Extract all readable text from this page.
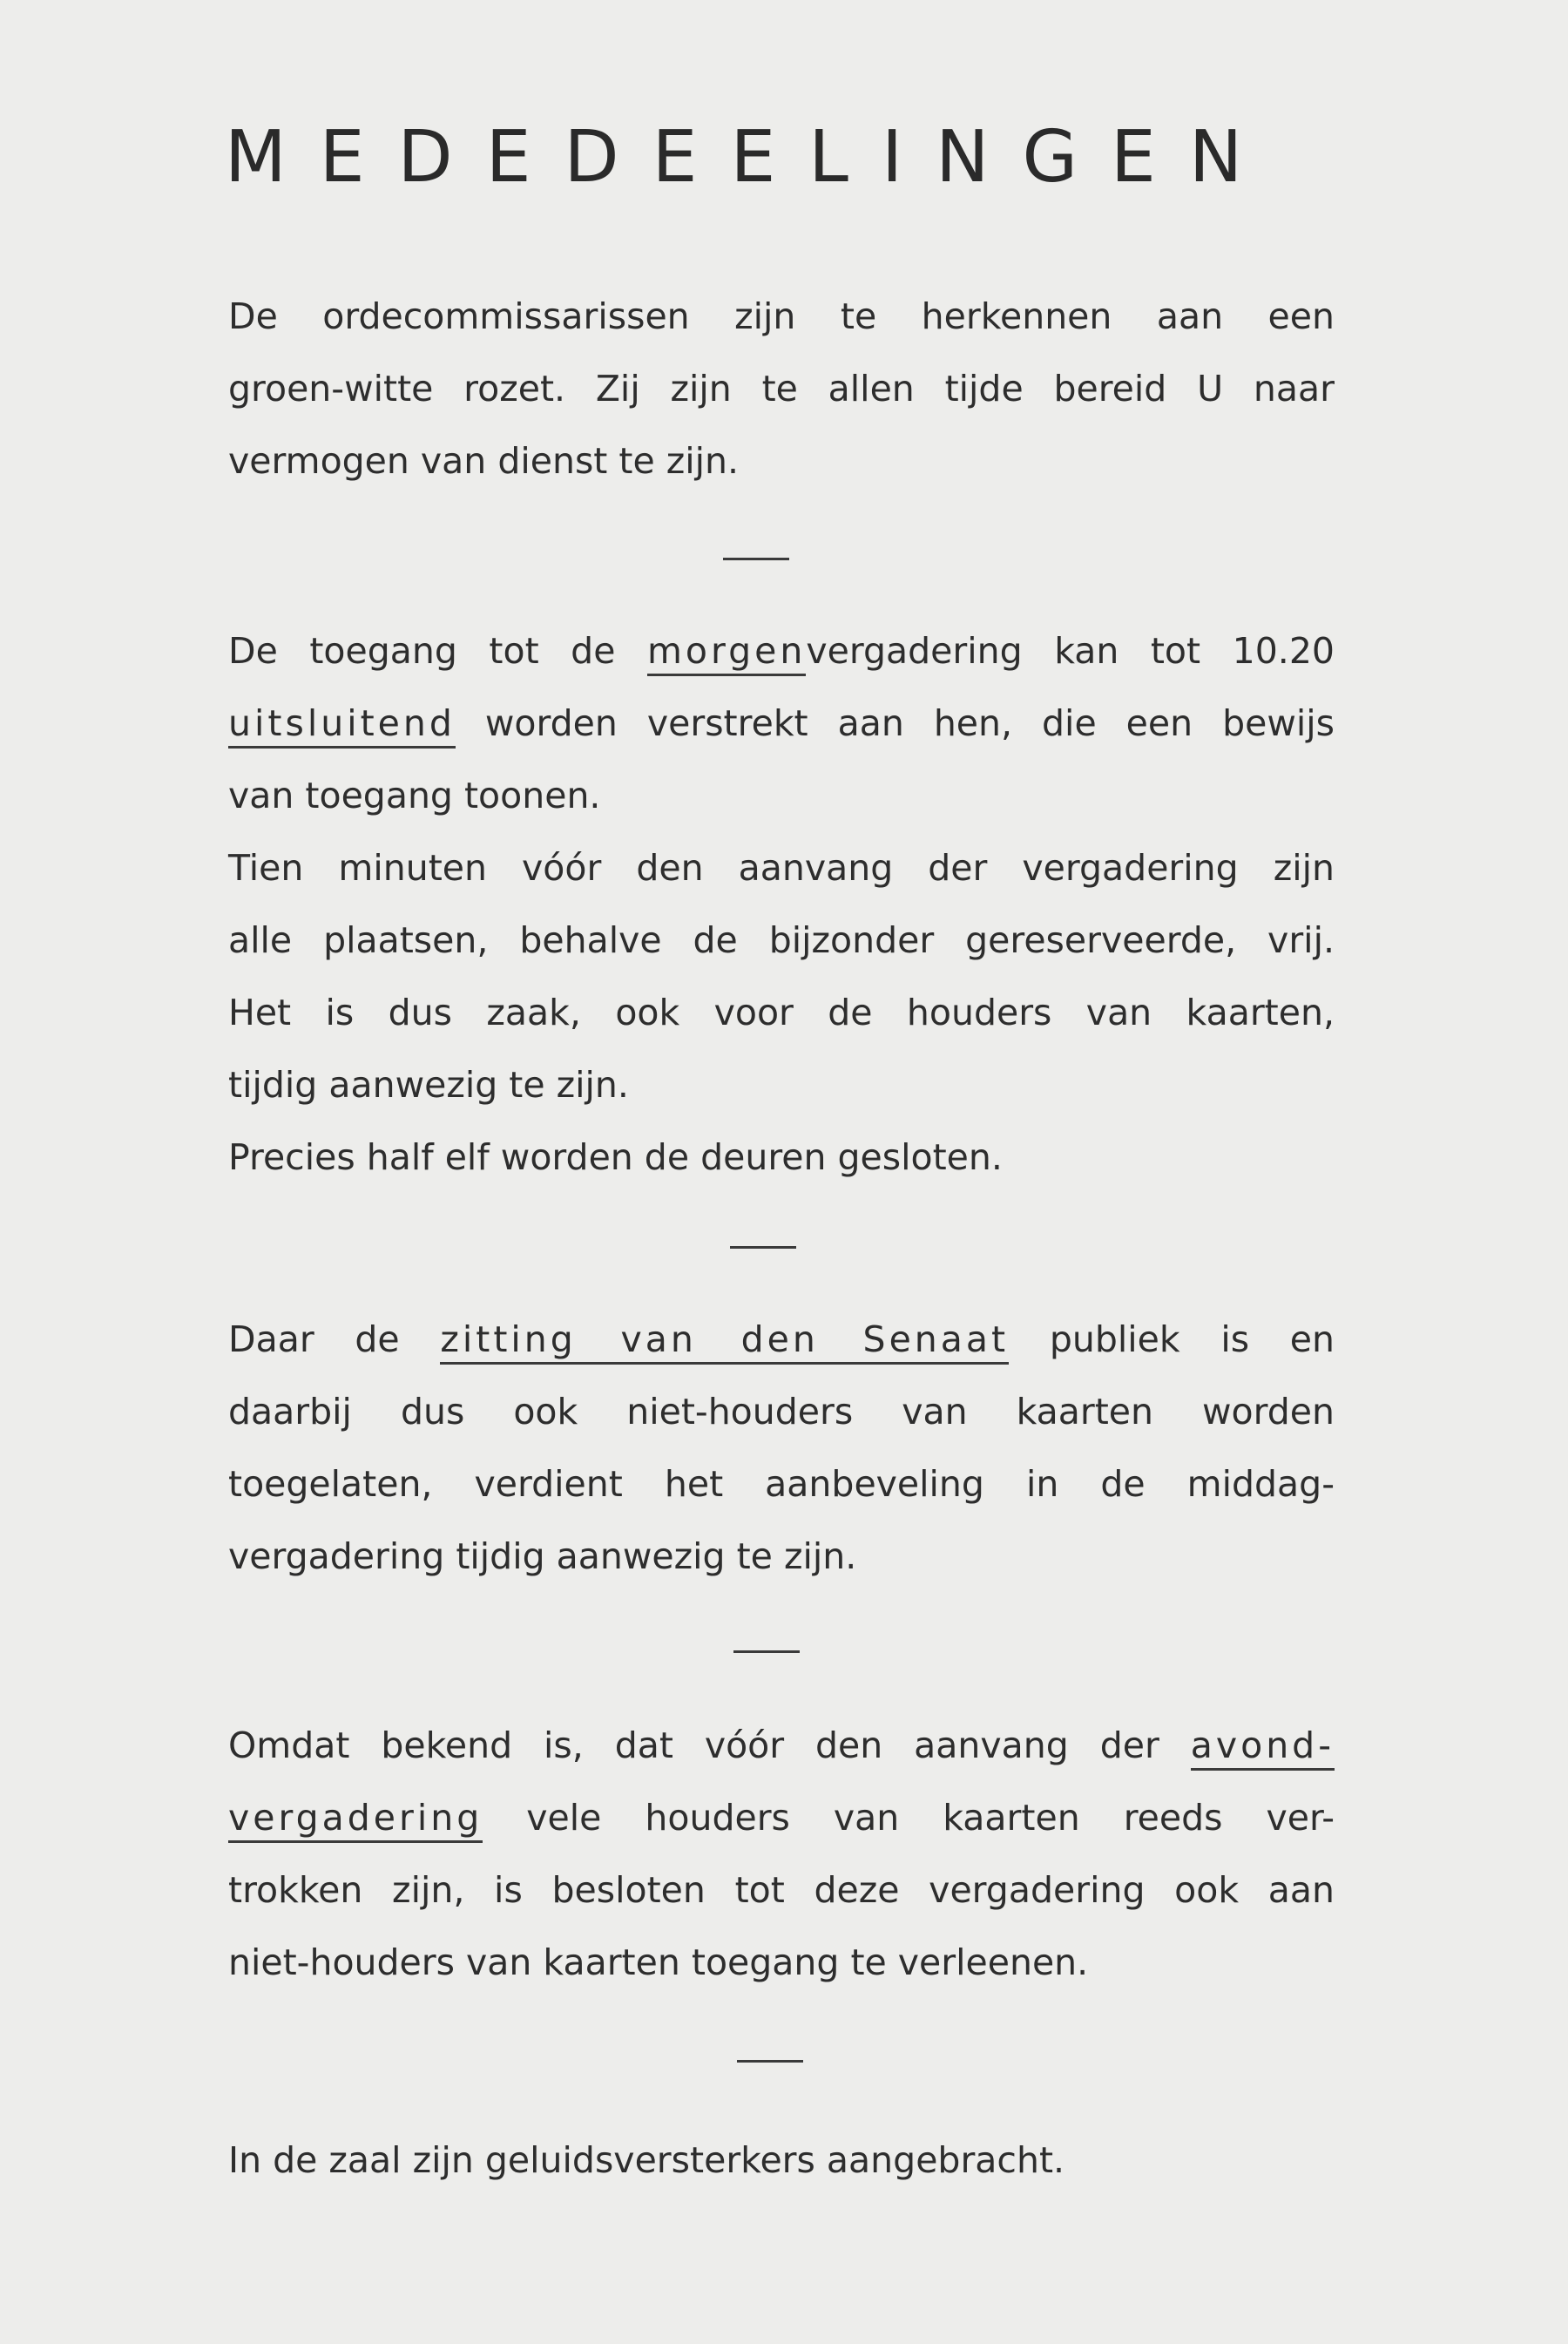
MEDEDEELINGEN
De ordecommissarissen zijn te herkennen aan een
groen-witte rozet. Zij zijn te allen tijde bereid U naar
vermogen van dienst te zijn.
De toegang tot de morgenvergadering kan tot 10.20
uitsluitend worden verstrekt aan hen, die een bewijs
van toegang toonen.
Tien minuten vóór den aanvang der vergadering zijn
alle plaatsen, behalve de bijzonder gereserveerde, vrij.
Het is dus zaak, ook voor de houders van kaarten,
tijdig aanwezig te zijn.
Precies half elf worden de deuren gesloten.
Daar de zitting van den Senaat publiek is en
daarbij dus ook niet-houders van kaarten worden
toegelaten, verdient het aanbeveling in de middag-
vergadering tijdig aanwezig te zijn.
Omdat bekend is, dat vóór den aanvang der avond-
vergadering vele houders van kaarten reeds ver-
trokken zijn, is besloten tot deze vergadering ook aan
niet-houders van kaarten toegang te verleenen.
In de zaal zijn geluidsversterkers aangebracht.
